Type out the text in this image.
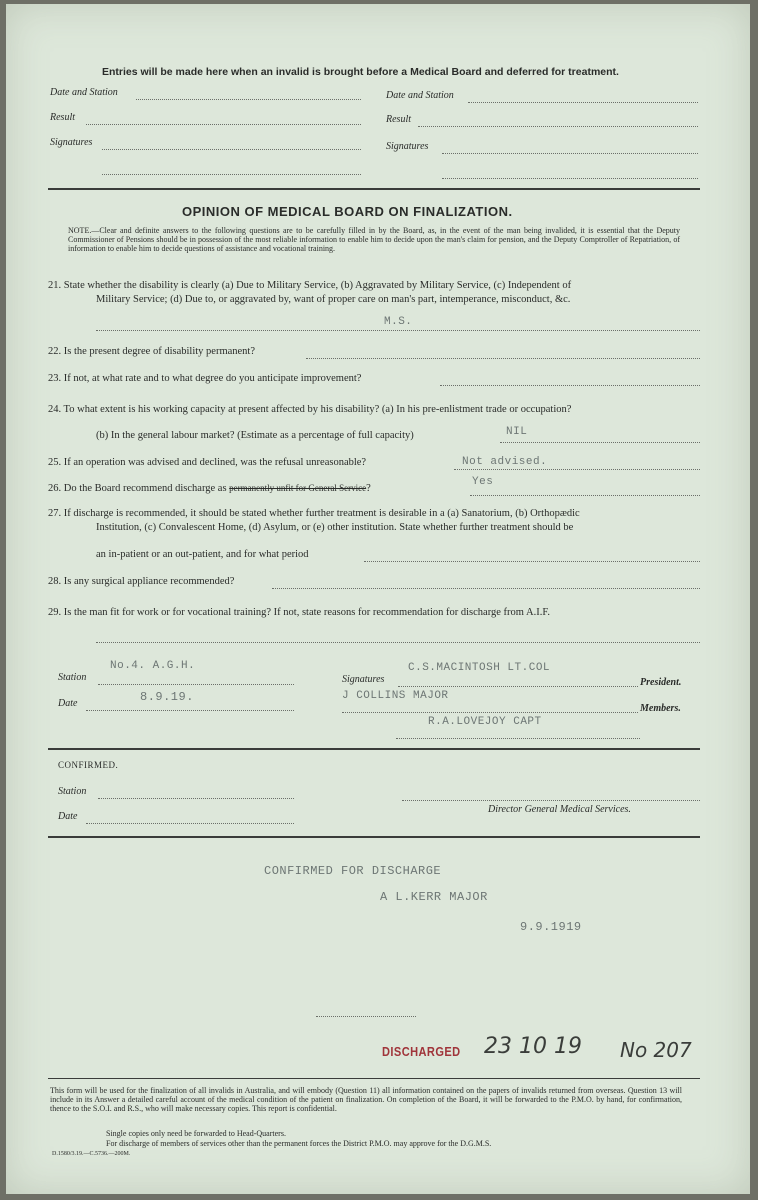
Entries will be made here when an invalid is brought before a Medical Board and deferred for treatment.
Date and Station
Result
Signatures
Date and Station
Result
Signatures
OPINION OF MEDICAL BOARD ON FINALIZATION.
NOTE.—Clear and definite answers to the following questions are to be carefully filled in by the Board, as, in the event of the man being invalided, it is essential that the Deputy Commissioner of Pensions should be in possession of the most reliable information to enable him to decide upon the man's claim for pension, and the Deputy Comptroller of Repatriation, of information to enable him to decide questions of assistance and vocational training.
21. State whether the disability is clearly (a) Due to Military Service, (b) Aggravated by Military Service, (c) Independent of
Military Service; (d) Due to, or aggravated by, want of proper care on man's part, intemperance, misconduct, &c.
M.S.
22. Is the present degree of disability permanent?
23. If not, at what rate and to what degree do you anticipate improvement?
24. To what extent is his working capacity at present affected by his disability? (a) In his pre-enlistment trade or occupation?
(b) In the general labour market? (Estimate as a percentage of full capacity)	NIL
25. If an operation was advised and declined, was the refusal unreasonable?	Not advised.
26. Do the Board recommend discharge as permanently unfit for General Service?
Yes
27. If discharge is recommended, it should be stated whether further treatment is desirable in a (a) Sanatorium, (b) Orthopædic
Institution, (c) Convalescent Home, (d) Asylum, or (e) other institution. State whether further treatment should be
an in-patient or an out-patient, and for what period
28. Is any surgical appliance recommended?
29. Is the man fit for work or for vocational training? If not, state reasons for recommendation for discharge from A.I.F.
Station
No.4. A.G.H.
Date	8.9.19.
Signatures
C.S.MACINTOSH LT.COL
President.
J COLLINS MAJOR
Members.
R.A.LOVEJOY CAPT
CONFIRMED.
Station
Date
Director General Medical Services.
CONFIRMED FOR DISCHARGE
A L.KERR MAJOR
9.9.1919
DISCHARGED 23 10 19 No 207
This form will be used for the finalization of all invalids in Australia, and will embody (Question 11) all information contained on the papers of invalids returned from overseas. Question 13 will include in its Answer a detailed careful account of the medical condition of the patient on finalization. On completion of the Board, it will be forwarded to the P.M.O. by hand, for confirmation, thence to the S.O.I. and R.S., who will make necessary copies. This report is confidential.
Single copies only need be forwarded to Head-Quarters.
For discharge of members of services other than the permanent forces the District P.M.O. may approve for the D.G.M.S.
D.1580/3.19.—C.5736.—200M.
